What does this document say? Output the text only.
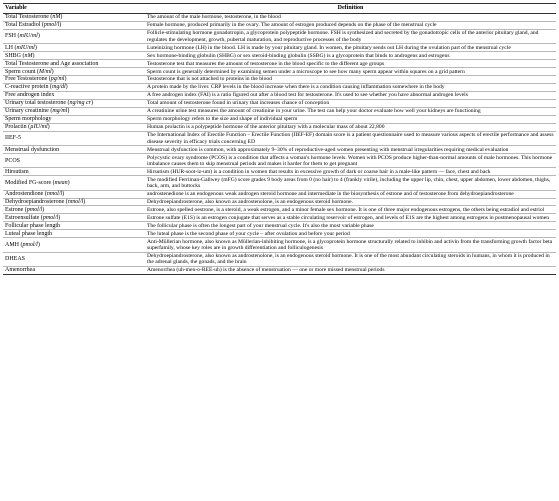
Variable	Definition
Total Testosterone (nM)	The amount of the male hormone, testosterone, in the blood
Total Estradiol (pmol/l)	Female hormone, produced primarily in the ovary. The amount of estrogen produced depends on the phase of the menstrual cycle
FSH (mIU/ml)	Follicle-stimulating hormone gonadotropin, a glycoprotein polypeptide hormone. FSH is synthesized and secreted by the gonadotropic cells of the anterior pituitary gland, and regulates the development, growth, pubertal maturation, and reproductive processes of the body
LH (mIU/ml)	Luteinizing hormone (LH) in the blood. LH is made by your pituitary gland. In women, the pituitary sends out LH during the ovulation part of the menstrual cycle
SHBG (nM)	Sex hormone-binding globulin (SHBG) or sex steroid-binding globulin (SSBG) is a glycoprotein that binds to androgens and estrogens
Total Testosterone and Age association	Testosterone test that measures the amount of testosterone in the blood specific to the different age groups
Sperm count (M/ml)	Sperm count is generally determined by examining semen under a microscope to see how many sperm appear within squares on a grid pattern
Free Testosterone (pg/ml)	Testosterone that is not attached to proteins in the blood
C-reactive protein (mg/dl)	A protein made by the liver. CRP levels in the blood increase when there is a condition causing inflammation somewhere in the body
Free androgen index	A free androgen index (FAI) is a ratio figured out after a blood test for testosterone. It's used to see whether you have abnormal androgen levels
Urinary total testosterone (ng/mg cr)	Total amount of testosterone found in urinary that increases chance of conception
Urinary creatinine (mg/ml)	A creatinine urine test measures the amount of creatinine in your urine. The test can help your doctor evaluate how well your kidneys are functioning
Sperm morphology	Sperm morphology refers to the size and shape of individual sperm
Prolactin (µIU/ml)	Human prolactin is a polypeptide hormone of the anterior pituitary with a molecular mass of about 22,800
IIEF-5	The International Index of Erectile Function – Erectile Function (IIEF-EF) domain score is a patient questionnaire used to measure various aspects of erectile performance and assess disease severity in efficacy trials concerning ED
Menstrual dysfunction	Menstrual dysfunction is common, with approximately 9–30% of reproductive-aged women presenting with menstrual irregularities requiring medical evaluation
PCOS	Polycystic ovary syndrome (PCOS) is a condition that affects a woman's hormone levels. Women with PCOS produce higher-than-normal amounts of male hormones. This hormone imbalance causes them to skip menstrual periods and makes it harder for them to get pregnant
Hirsutism	Hirsutism (HUR-soot-iz-um) is a condition in women that results in excessive growth of dark or coarse hair in a male-like pattern — face, chest and back
Modified FG-score (mean)	The modified Ferriman-Gallwey (mFG) score grades 9 body areas from 0 (no hair) to 4 (frankly virile), including the upper lip, chin, chest, upper abdomen, lower abdomen, thighs, back, arm, and buttocks
Androstendione (nmol/l)	androstenedione is an endogenous weak androgen steroid hormone and intermediate in the biosynthesis of estrone and of testosterone from dehydroepiandrosterone
Dehydroepiandrosterone (nmol/l)	Dehydroepiandrosterone, also known as androstenolone, is an endogenous steroid hormone.
Estrone (pmol/l)	Estrone, also spelled oestrone, is a steroid, a weak estrogen, and a minor female sex hormone. It is one of three major endogenous estrogens, the others being estradiol and estriol
Estroensulfate (pmol/l)	Estrone sulfate (E1S) is an estrogen conjugate that serves as a stable circulating reservoir of estrogen, and levels of E1S are the highest among estrogens in postmenopausal women
Follicular phase length	The follicular phase is often the longest part of your menstrual cycle. It's also the most variable phase
Luteal phase length	The luteal phase is the second phase of your cycle – after ovulation and before your period
AMH (pmol/l)	Anti-Müllerian hormone, also known as Müllerian-inhibiting hormone, is a glycoprotein hormone structurally related to inhibin and activin from the transforming growth factor beta superfamily, whose key roles are in growth differentiation and folliculogenesis
DHEAS	Dehydroepiandrosterone, also known as androstenolone, is an endogenous steroid hormone. It is one of the most abundant circulating steroids in humans, in whom it is produced in the adrenal glands, the gonads, and the brain
Amenorrhea	Amenorrhea (uh-men-o-REE-uh) is the absence of menstruation — one or more missed menstrual periods
